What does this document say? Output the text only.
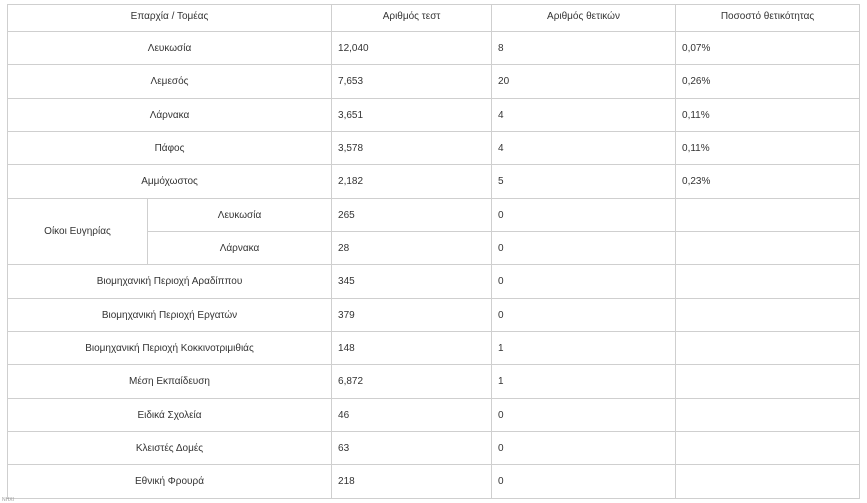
Επαρχία / Τομέας		Αριθμός τεστ	Αριθμός θετικών	Ποσοστό θετικότητας
Λευκωσία		12,040	8	0,07%
Λεμεσός		7,653	20	0,26%
Λάρνακα		3,651	4	0,11%
Πάφος		3,578	4	0,11%
Αμμόχωστος		2,182	5	0,23%
Οίκοι Ευγηρίας	Λευκωσία	265	0	
	Λάρνακα	28	0	
Βιομηχανική Περιοχή Αραδίππου		345	0	
Βιομηχανική Περιοχή Εργατών		379	0	
Βιομηχανική Περιοχή Κοκκινοτριμιθιάς		148	1	
Μέση Εκπαίδευση		6,872	1	
Ειδικά Σχολεία		46	0	
Κλειστές Δομές		63	0	
Εθνική Φρουρά		218	0	
ΝΗΧΙ
